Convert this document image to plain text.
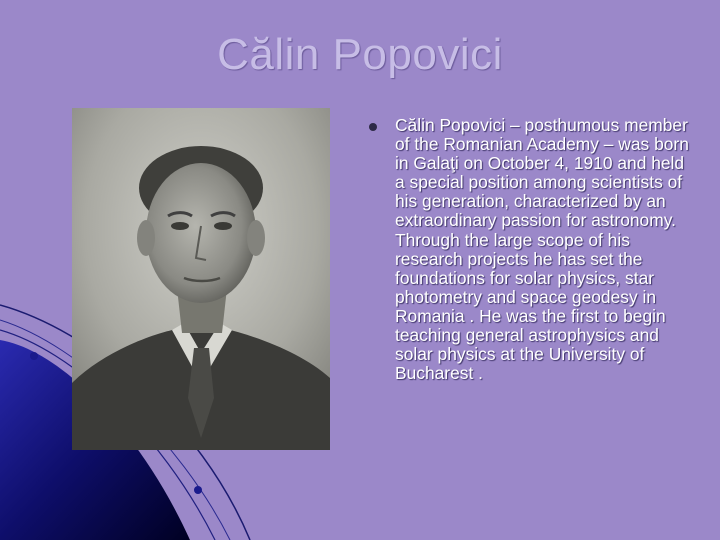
Călin Popovici

Călin Popovici – posthumous member of the Romanian Academy – was born in Galaţi on October 4, 1910 and held a special position among scientists of his generation, characterized by an extraordinary passion for astronomy. Through the large scope of his research projects he has set the foundations for solar physics, star photometry and space geodesy in Romania . He was the first to begin teaching general astrophysics and solar physics at the University of Bucharest .
